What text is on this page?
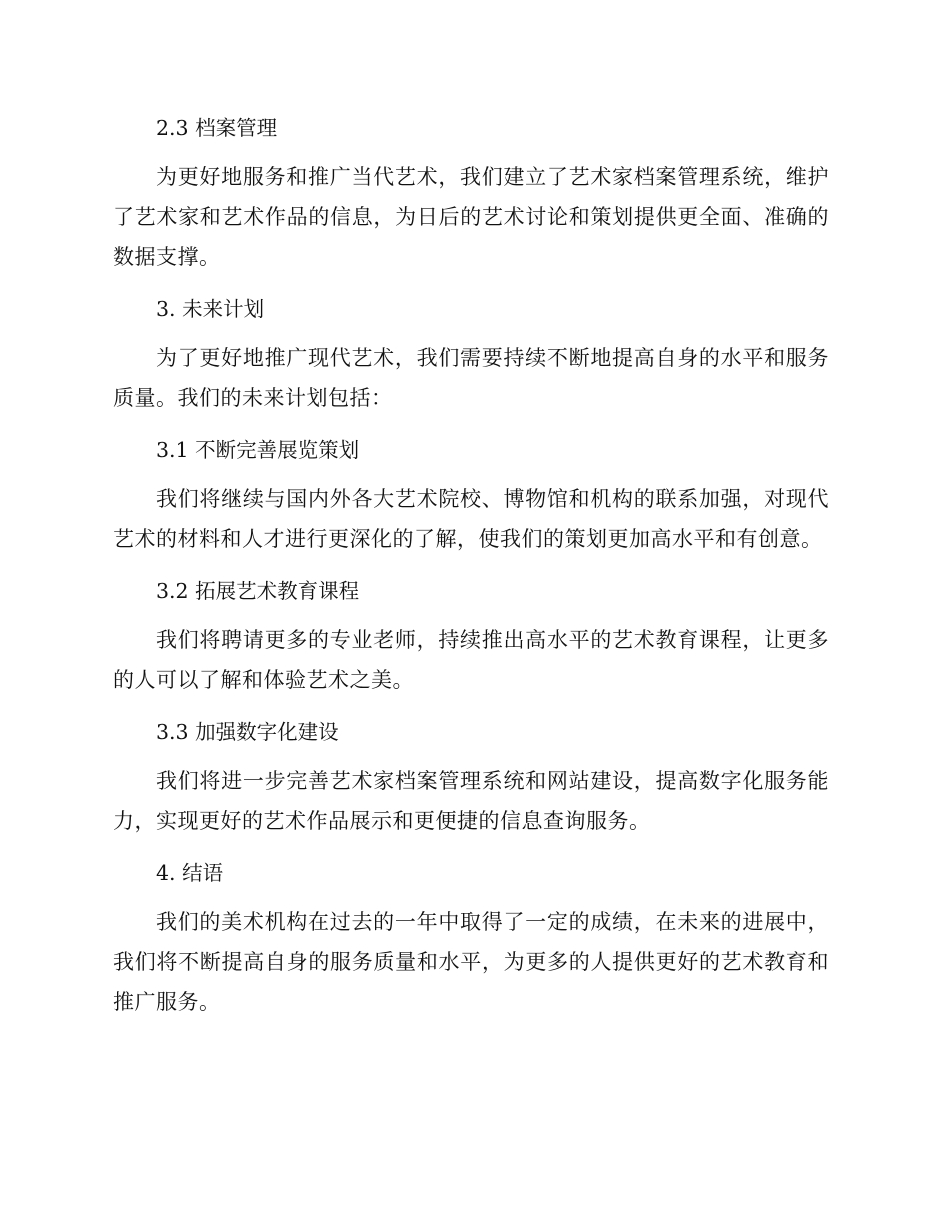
2.3 档案管理

为更好地服务和推广当代艺术，我们建立了艺术家档案管理系统，维护了艺术家和艺术作品的信息，为日后的艺术讨论和策划提供更全面、准确的数据支撑。

3. 未来计划

为了更好地推广现代艺术，我们需要持续不断地提高自身的水平和服务质量。我们的未来计划包括：

3.1 不断完善展览策划

我们将继续与国内外各大艺术院校、博物馆和机构的联系加强，对现代艺术的材料和人才进行更深化的了解，使我们的策划更加高水平和有创意。

3.2 拓展艺术教育课程

我们将聘请更多的专业老师，持续推出高水平的艺术教育课程，让更多的人可以了解和体验艺术之美。

3.3 加强数字化建设

我们将进一步完善艺术家档案管理系统和网站建设，提高数字化服务能力，实现更好的艺术作品展示和更便捷的信息查询服务。

4. 结语

我们的美术机构在过去的一年中取得了一定的成绩，在未来的进展中，我们将不断提高自身的服务质量和水平，为更多的人提供更好的艺术教育和推广服务。
